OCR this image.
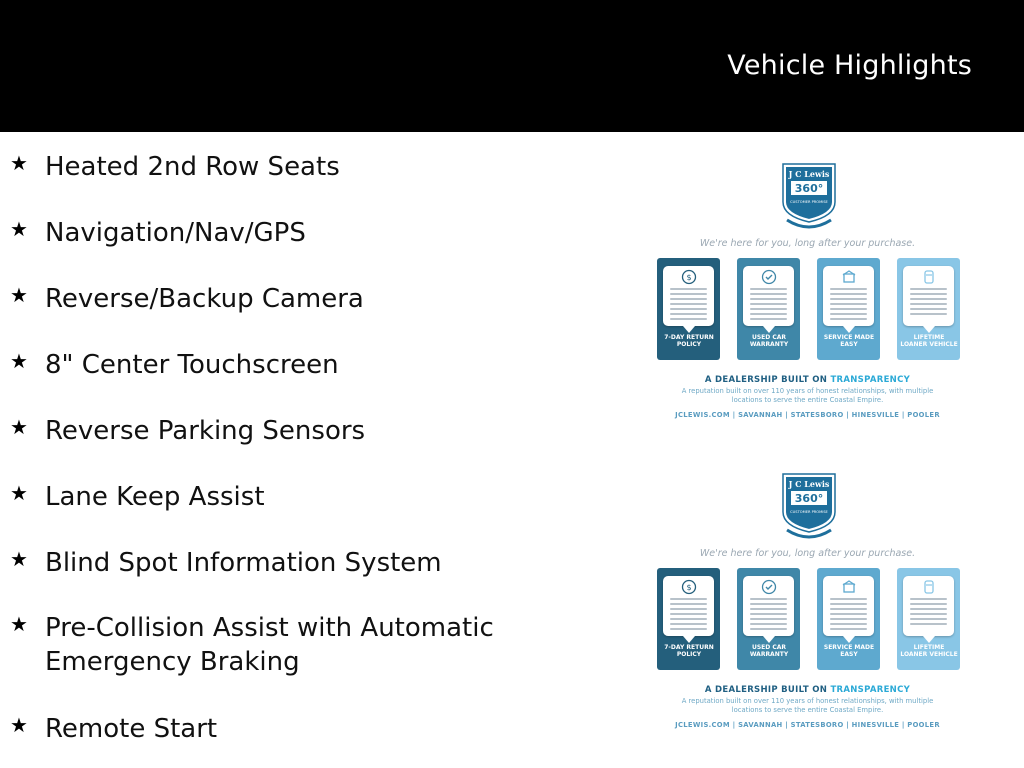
Vehicle Highlights
★ Heated 2nd Row Seats
★ Navigation/Nav/GPS
★ Reverse/Backup Camera
★ 8" Center Touchscreen
★ Reverse Parking Sensors
★ Lane Keep Assist
★ Blind Spot Information System
★ Pre-Collision Assist with Automatic Emergency Braking
★ Remote Start
J C Lewis
360°
CUSTOMER PROMISE
We're here for you, long after your purchase.
$
7-DAY RETURN POLICY
USED CAR WARRANTY
SERVICE MADE EASY
LIFETIME LOANER VEHICLE
A DEALERSHIP BUILT ON TRANSPARENCY
A reputation built on over 110 years of honest relationships, with multiple locations to serve the entire Coastal Empire.
JCLEWIS.COM | SAVANNAH | STATESBORO | HINESVILLE | POOLER
J C Lewis
360°
CUSTOMER PROMISE
We're here for you, long after your purchase.
$
7-DAY RETURN POLICY
USED CAR WARRANTY
SERVICE MADE EASY
LIFETIME LOANER VEHICLE
A DEALERSHIP BUILT ON TRANSPARENCY
A reputation built on over 110 years of honest relationships, with multiple locations to serve the entire Coastal Empire.
JCLEWIS.COM | SAVANNAH | STATESBORO | HINESVILLE | POOLER
